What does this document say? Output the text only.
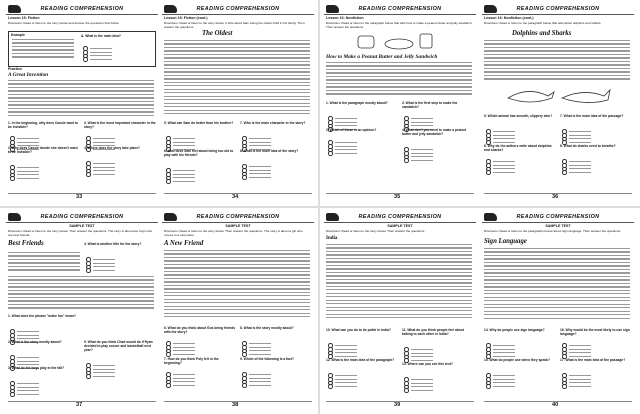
READING COMPREHENSION
Lesson 15: Fiction
Directions: Read or listen to the story below and answer the questions that follow.
Example	A. What is the main idea?
Practice
A Great Invention
1. In the beginning, why does Cassie want to be invisible?
2. Why does Cassie decide she doesn't want to be invisible?
3. What is the most important character in the story?
4. Where does the story take place?
33
READING COMPREHENSION
Lesson 15: Fiction (cont.)
Directions: Read or listen to the story below. It tells about Sam being the oldest child in his family. Then answer the questions.
The Oldest
5. What can Sam do better than his brother?
6. How does Sam feel about being too old to play with his friends?
7. Who is the main character in the story?
8. What is the main idea of the story?
34
READING COMPREHENSION
Lesson 16: Nonfiction
Directions: Read or listen to the paragraph below that tells how to make a peanut butter and jelly sandwich. Then answer the questions.
How to Make a Peanut Butter and Jelly Sandwich
1. What is the paragraph mostly about?
2. Which of these is an opinion?
3. What is the first step to make the sandwich?
4. What don't you need to make a peanut butter and jelly sandwich?
35
READING COMPREHENSION
Lesson 16: Nonfiction (cont.)
Directions: Read or listen to the paragraph below that tells about dolphins and sharks.
Dolphins and Sharks
5. Which animal has smooth, slippery skin?
6. Why do the authors write about dolphins and sharks?
7. What is the main idea of the passage?
8. What do sharks need to breathe?
36
READING COMPREHENSION
SAMPLE TEST
Directions: Read or listen to the story below. Then answer the questions. The story is about two boys who are best friends.
Best Friends
1. What does the phrase "make fun" mean?
2. What is the story mostly about?
3. What do the boys play in the fall?
4. What is another title for the story?
5. What do you think Chad would do if Ryan decided to play soccer and basketball next year?
37
READING COMPREHENSION
SAMPLE TEST
Directions: Read or listen to the story below. Then answer the questions. The story is about a girl who moves to a new place.
A New Friend
6. What do you think about Gus being friends with the story?
7. How do you think Poly felt in the beginning?
8. What is the story mostly about?
9. Which of the following is a fact?
38
READING COMPREHENSION
SAMPLE TEST
Directions: Read or listen to the story below. Then answer the questions.
India
10. What can you do to be polite in India?
12. What is the main idea of the paragraph?
11. What do you think people feel about talking to each other in India?
13. Where can you see this text?
39
READING COMPREHENSION
SAMPLE TEST
Directions: Read or listen to the paragraphs below about sign language. Then answer the questions.
Sign Language
14. Why do people use sign language?
15. What do people use when they speak?
16. Why would be the most likely to use sign language?
17. What is the main idea of the passage?
40
